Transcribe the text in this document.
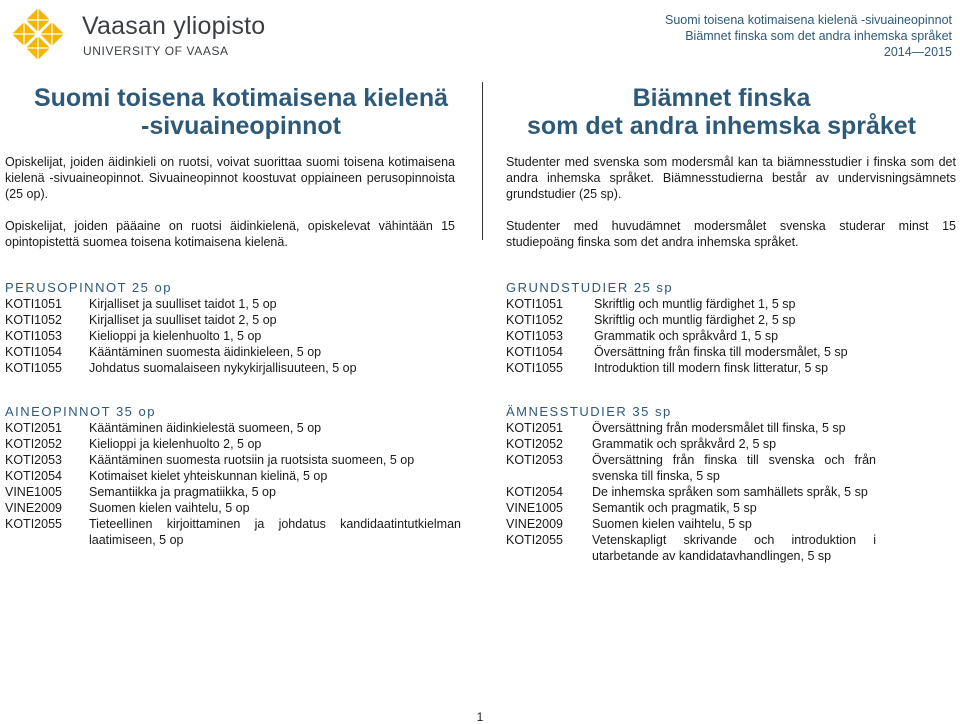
Vaasan yliopisto
UNIVERSITY OF VAASA
Suomi toisena kotimaisena kielenä -sivuaineopinnot
Biämnet finska som det andra inhemska språket
2014—2015
Suomi toisena kotimaisena kielenä
-sivuaineopinnot
Biämnet finska
som det andra inhemska språket
Opiskelijat, joiden äidinkieli on ruotsi, voivat suorittaa suomi toisena kotimaisena kielenä -sivuaineopinnot. Sivuaineopinnot koostuvat oppiaineen perusopinnoista (25 op).
Opiskelijat, joiden pääaine on ruotsi äidinkielenä, opiskelevat vähintään 15 opintopistettä suomea toisena kotimaisena kielenä.
Studenter med svenska som modersmål kan ta biämnesstudier i finska som det andra inhemska språket. Biämnesstudierna består av undervisningsämnets grundstudier (25 sp).
Studenter med huvudämnet modersmålet svenska studerar minst 15 studiepoäng finska som det andra inhemska språket.
PERUSOPINNOT 25 op
KOTI1051	Kirjalliset ja suulliset taidot 1, 5 op
KOTI1052	Kirjalliset ja suulliset taidot 2, 5 op
KOTI1053	Kielioppi ja kielenhuolto 1, 5 op
KOTI1054	Kääntäminen suomesta äidinkieleen, 5 op
KOTI1055	Johdatus suomalaiseen nykykirjallisuuteen, 5 op
GRUNDSTUDIER 25 sp
KOTI1051	Skriftlig och muntlig färdighet 1, 5 sp
KOTI1052	Skriftlig och muntlig färdighet 2, 5 sp
KOTI1053	Grammatik och språkvård 1, 5 sp
KOTI1054	Översättning från finska till modersmålet, 5 sp
KOTI1055	Introduktion till modern finsk litteratur, 5 sp
AINEOPINNOT 35 op
KOTI2051	Kääntäminen äidinkielestä suomeen, 5 op
KOTI2052	Kielioppi ja kielenhuolto 2, 5 op
KOTI2053	Kääntäminen suomesta ruotsiin ja ruotsista suomeen, 5 op
KOTI2054	Kotimaiset kielet yhteiskunnan kielinä, 5 op
VINE1005	Semantiikka ja pragmatiikka, 5 op
VINE2009	Suomen kielen vaihtelu, 5 op
KOTI2055	Tieteellinen kirjoittaminen ja johdatus kandidaatintutkielman laatimiseen, 5 op
ÄMNESSTUDIER 35 sp
KOTI2051	Översättning från modersmålet till finska, 5 sp
KOTI2052	Grammatik och språkvård 2, 5 sp
KOTI2053	Översättning från finska till svenska och från svenska till finska, 5 sp
KOTI2054	De inhemska språken som samhällets språk, 5 sp
VINE1005	Semantik och pragmatik, 5 sp
VINE2009	Suomen kielen vaihtelu, 5 sp
KOTI2055	Vetenskapligt skrivande och introduktion i utarbetande av kandidatavhandlingen, 5 sp
1
